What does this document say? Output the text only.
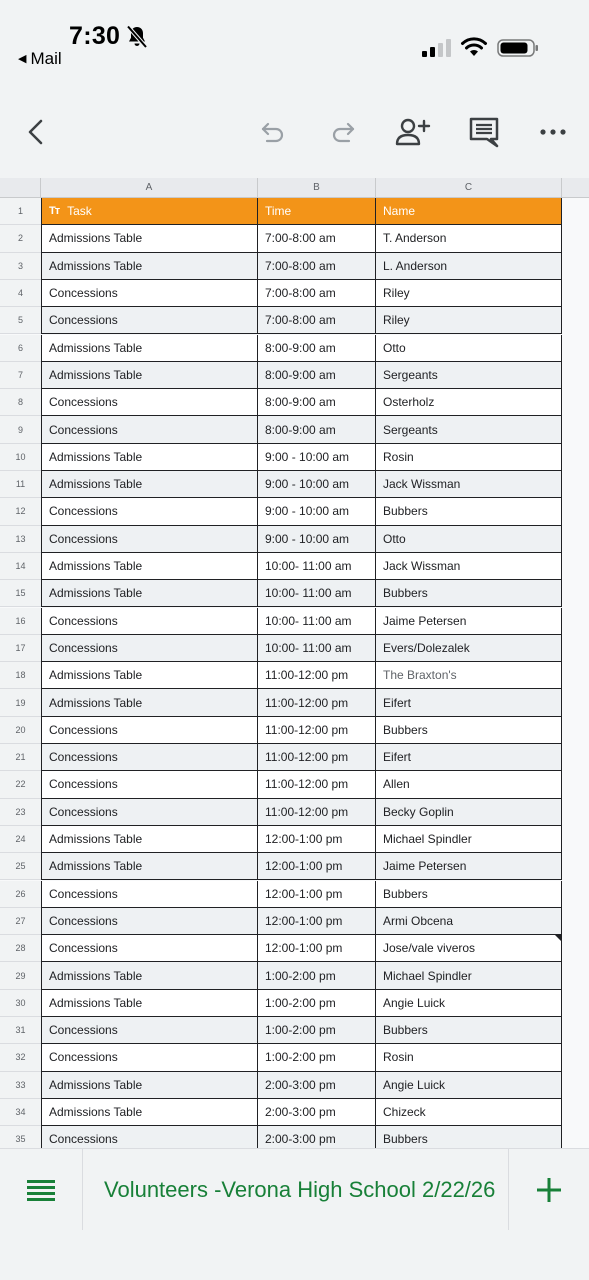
7:30
◀ Mail
A	B	C
1	Tт Task	Time	Name
2	Admissions Table	7:00-8:00 am	T. Anderson
3	Admissions Table	7:00-8:00 am	L. Anderson
4	Concessions	7:00-8:00 am	Riley
5	Concessions	7:00-8:00 am	Riley
6	Admissions Table	8:00-9:00 am	Otto
7	Admissions Table	8:00-9:00 am	Sergeants
8	Concessions	8:00-9:00 am	Osterholz
9	Concessions	8:00-9:00 am	Sergeants
10	Admissions Table	9:00 - 10:00 am	Rosin
11	Admissions Table	9:00 - 10:00 am	Jack Wissman
12	Concessions	9:00 - 10:00 am	Bubbers
13	Concessions	9:00 - 10:00 am	Otto
14	Admissions Table	10:00- 11:00 am	Jack Wissman
15	Admissions Table	10:00- 11:00 am	Bubbers
16	Concessions	10:00- 11:00 am	Jaime Petersen
17	Concessions	10:00- 11:00 am	Evers/Dolezalek
18	Admissions Table	11:00-12:00 pm	The Braxton's
19	Admissions Table	11:00-12:00 pm	Eifert
20	Concessions	11:00-12:00 pm	Bubbers
21	Concessions	11:00-12:00 pm	Eifert
22	Concessions	11:00-12:00 pm	Allen
23	Concessions	11:00-12:00 pm	Becky Goplin
24	Admissions Table	12:00-1:00 pm	Michael Spindler
25	Admissions Table	12:00-1:00 pm	Jaime Petersen
26	Concessions	12:00-1:00 pm	Bubbers
27	Concessions	12:00-1:00 pm	Armi Obcena
28	Concessions	12:00-1:00 pm	Jose/vale viveros
29	Admissions Table	1:00-2:00 pm	Michael Spindler
30	Admissions Table	1:00-2:00 pm	Angie Luick
31	Concessions	1:00-2:00 pm	Bubbers
32	Concessions	1:00-2:00 pm	Rosin
33	Admissions Table	2:00-3:00 pm	Angie Luick
34	Admissions Table	2:00-3:00 pm	Chizeck
35	Concessions	2:00-3:00 pm	Bubbers
Volunteers -Verona High School 2/22/26
